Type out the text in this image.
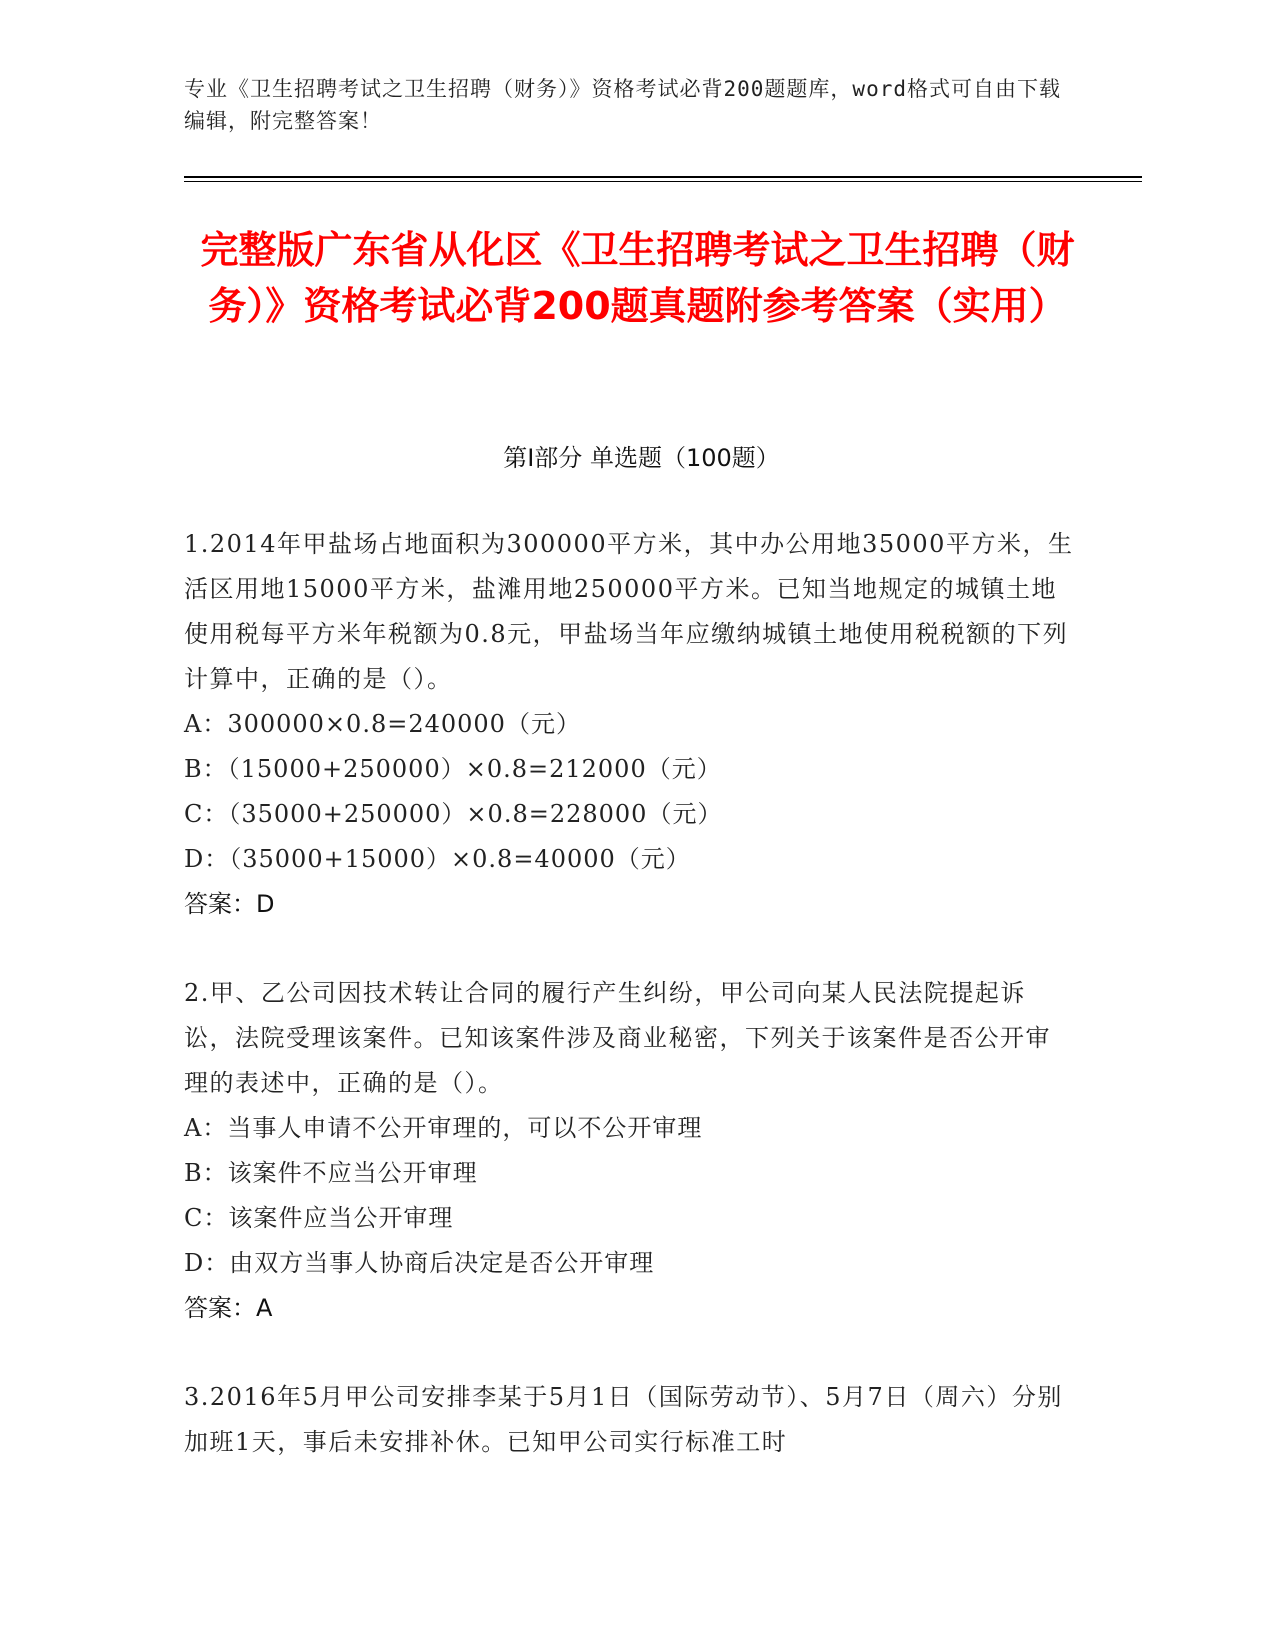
专业《卫生招聘考试之卫生招聘（财务）》资格考试必背200题题库，word格式可自由下载编辑，附完整答案！
完整版广东省从化区《卫生招聘考试之卫生招聘（财务）》资格考试必背200题真题附参考答案（实用）
第I部分 单选题（100题）
1.2014年甲盐场占地面积为300000平方米，其中办公用地35000平方米，生活区用地15000平方米，盐滩用地250000平方米。已知当地规定的城镇土地使用税每平方米年税额为0.8元，甲盐场当年应缴纳城镇土地使用税税额的下列计算中，正确的是（）。
A：300000×0.8=240000（元）
B：（15000+250000）×0.8=212000（元）
C：（35000+250000）×0.8=228000（元）
D：（35000+15000）×0.8=40000（元）
答案：D
2.甲、乙公司因技术转让合同的履行产生纠纷，甲公司向某人民法院提起诉讼，法院受理该案件。已知该案件涉及商业秘密，下列关于该案件是否公开审理的表述中，正确的是（）。
A：当事人申请不公开审理的，可以不公开审理
B：该案件不应当公开审理
C：该案件应当公开审理
D：由双方当事人协商后决定是否公开审理
答案：A
3.2016年5月甲公司安排李某于5月1日（国际劳动节）、5月7日（周六）分别加班1天，事后未安排补休。已知甲公司实行标准工时
